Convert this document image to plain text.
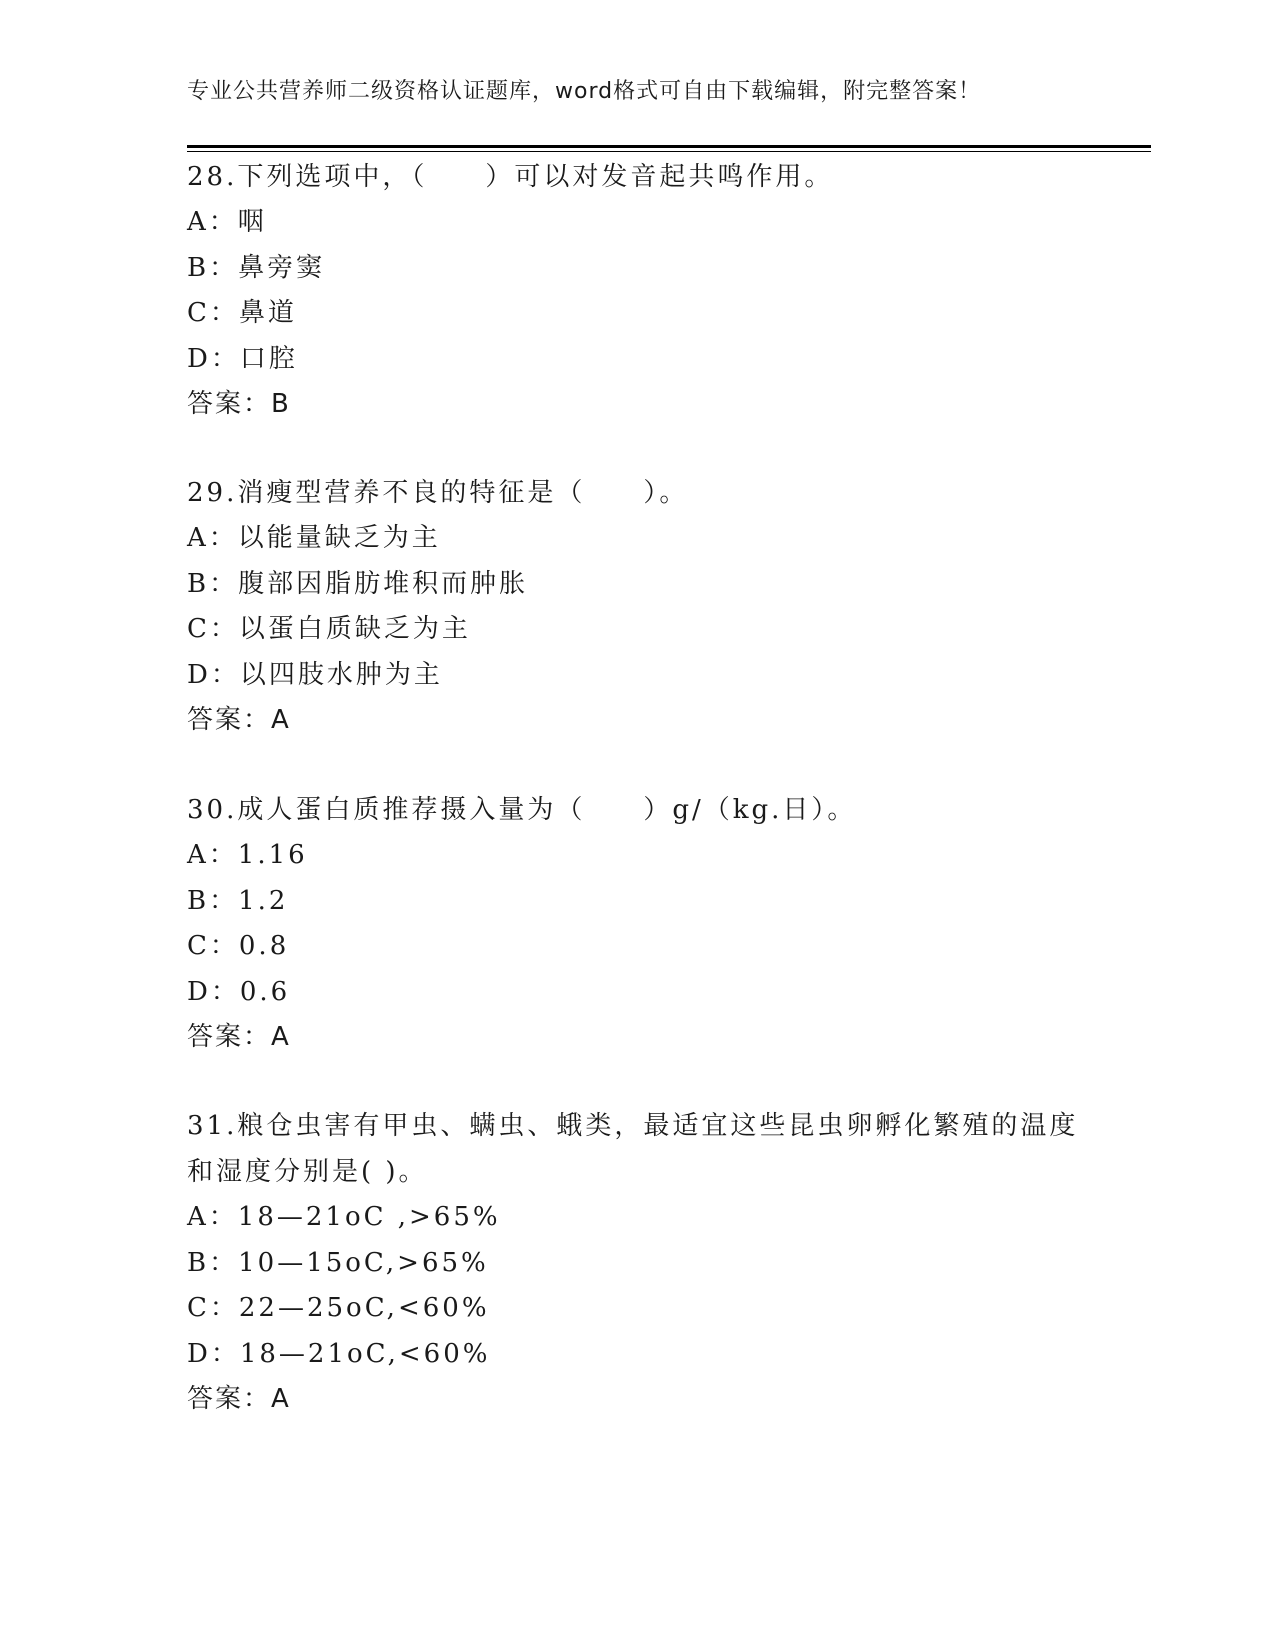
专业公共营养师二级资格认证题库，word格式可自由下载编辑，附完整答案！
28.下列选项中，（　　）可以对发音起共鸣作用。
A：咽
B：鼻旁窦
C：鼻道
D：口腔
答案：B
29.消瘦型营养不良的特征是（　　）。
A：以能量缺乏为主
B：腹部因脂肪堆积而肿胀
C：以蛋白质缺乏为主
D：以四肢水肿为主
答案：A
30.成人蛋白质推荐摄入量为（　　）g/（kg.日）。
A：1.16
B：1.2
C：0.8
D：0.6
答案：A
31.粮仓虫害有甲虫、螨虫、蛾类，最适宜这些昆虫卵孵化繁殖的温度和湿度分别是( )。
A：18—21oC ,>65%
B：10—15oC,>65%
C：22—25oC,<60%
D：18—21oC,<60%
答案：A
